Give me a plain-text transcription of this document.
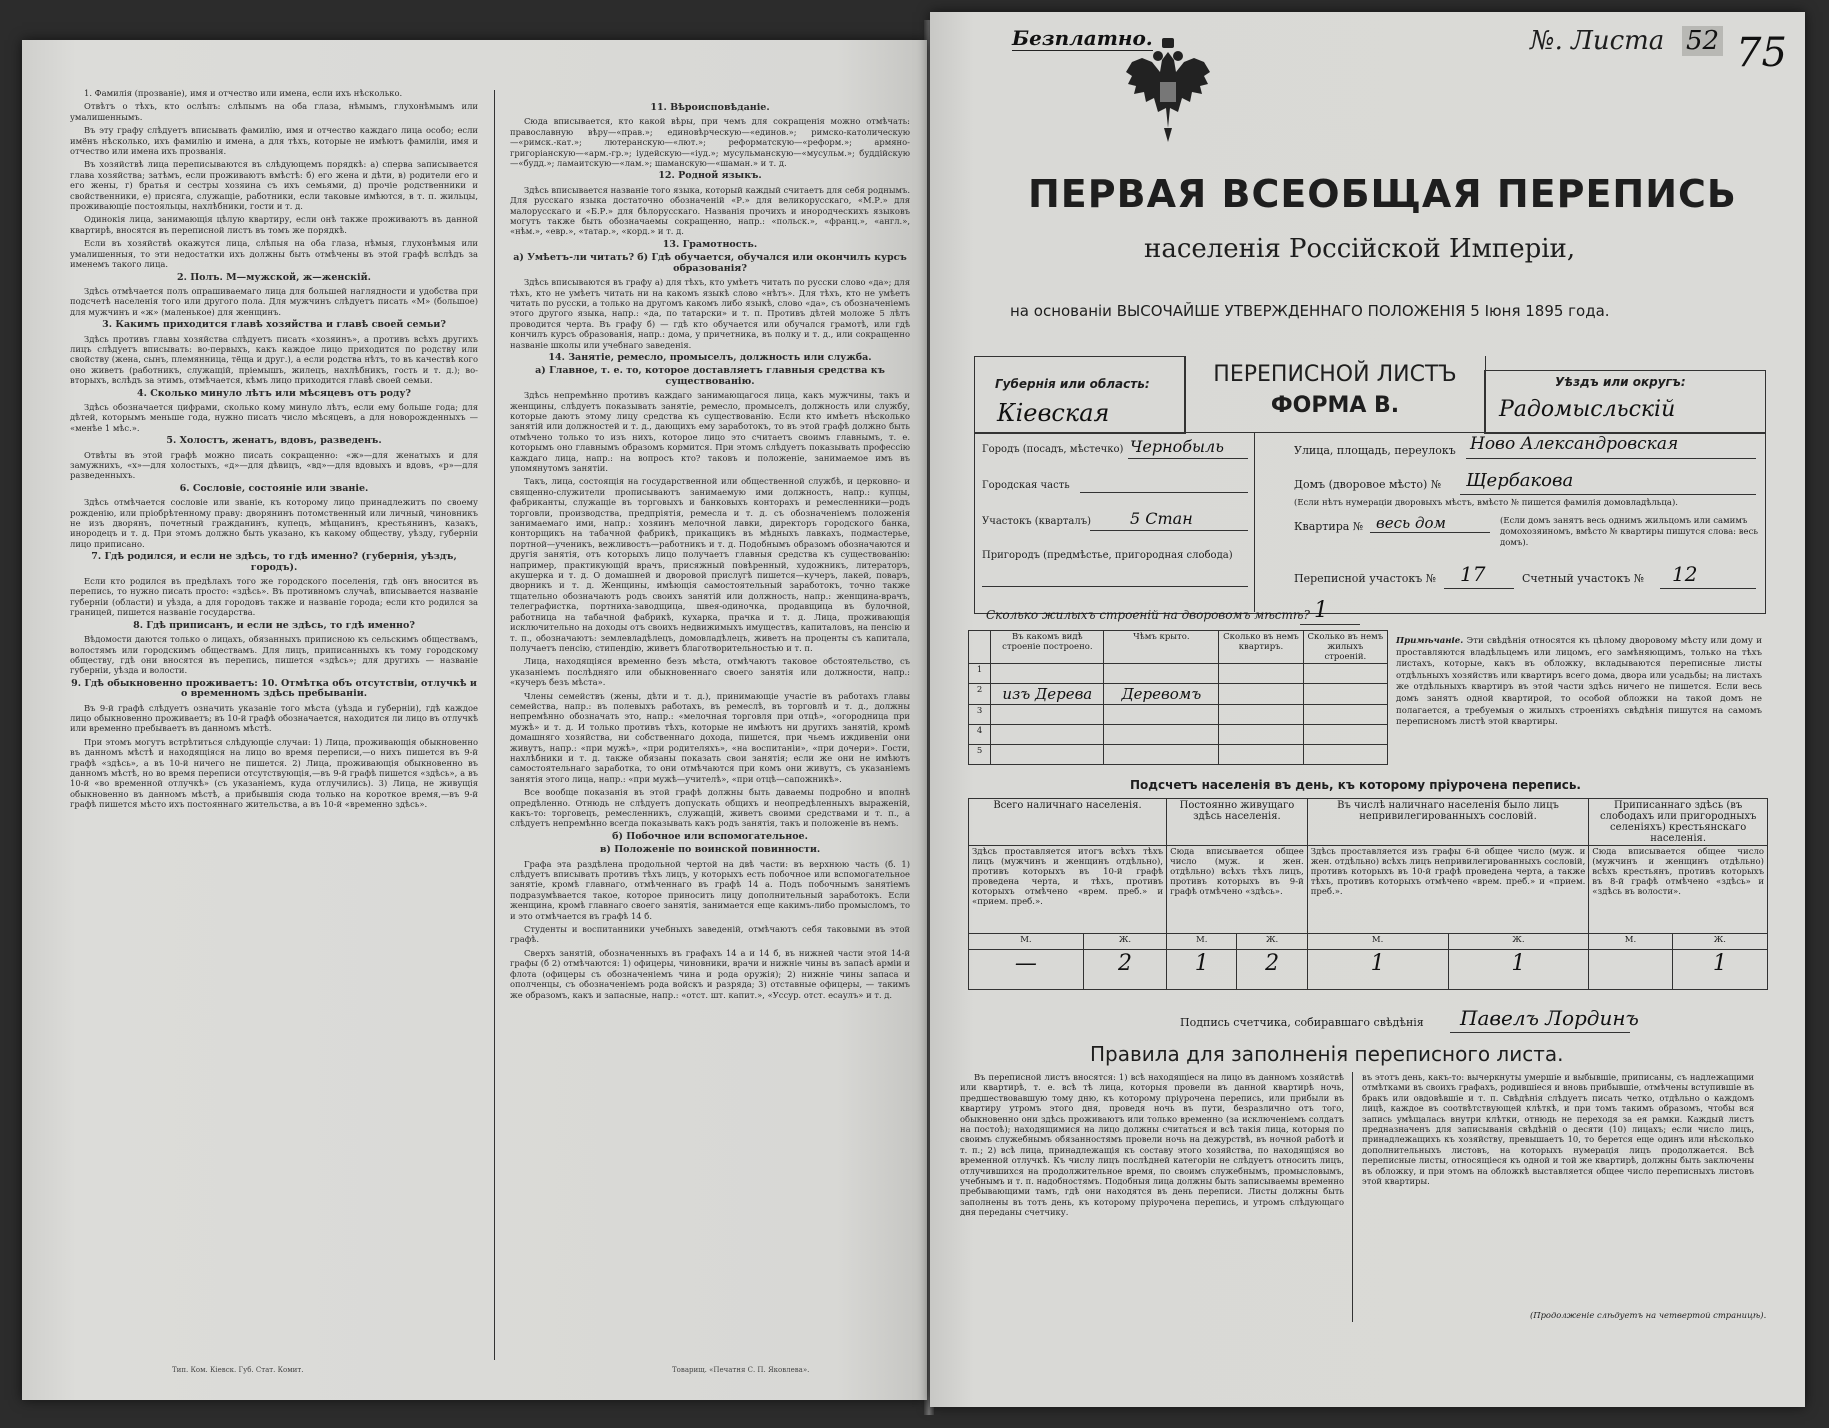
1. Фамилія (прозваніе), имя и отчество или имена, если ихъ нѣсколько.

Отвѣтъ о тѣхъ, кто ослѣпъ: слѣпымъ на оба глаза, нѣмымъ, глухонѣмымъ или умалишеннымъ.

Въ эту графу слѣдуетъ вписывать фамилію, имя и отчество каждаго лица особо; если имёнъ нѣсколько, ихъ фамилію и имена, а для тѣхъ, которые не имѣютъ фамиліи, имя и отчество или имена ихъ прозванія.

Въ хозяйствѣ лица переписываются въ слѣдующемъ порядкѣ: а) сперва записывается глава хозяйства; затѣмъ, если проживаютъ вмѣстѣ: б) его жена и дѣти, в) родители его и его жены, г) братья и сестры хозяина съ ихъ семьями, д) прочіе родственники и свойственники, е) присяга, служащіе, работники, если таковые имѣются, в т. п. жильцы, проживающіе постояльцы, нахлѣбники, гости и т. д.

Одинокія лица, занимающія цѣлую квартиру, если онѣ также проживаютъ въ данной квартирѣ, вносятся въ переписной листъ въ томъ же порядкѣ.

Если въ хозяйствѣ окажутся лица, слѣпыя на оба глаза, нѣмыя, глухонѣмыя или умалишенныя, то эти недостатки ихъ должны быть отмѣчены въ этой графѣ вслѣдъ за именемъ такого лица.

2. Полъ. М—мужской, ж—женскій.

Здѣсь отмѣчается полъ опрашиваемаго лица для большей наглядности и удобства при подсчетѣ населенія того или другого пола. Для мужчинъ слѣдуетъ писать «М» (большое) для мужчинъ и «ж» (маленькое) для женщинъ.

3. Какимъ приходится главѣ хозяйства и главѣ своей семьи?

Здѣсь противъ главы хозяйства слѣдуетъ писать «хозяинъ», а противъ всѣхъ другихъ лицъ слѣдуетъ вписывать: во-первыхъ, какъ каждое лицо приходится по родству или свойству (жена, сынъ, племянница, тёща и друг.), а если родства нѣтъ, то въ качествѣ кого оно живетъ (работникъ, служащій, пріемышъ, жилецъ, нахлѣбникъ, гость и т. д.); во-вторыхъ, вслѣдъ за этимъ, отмѣчается, кѣмъ лицо приходится главѣ своей семьи.

4. Сколько минуло лѣтъ или мѣсяцевъ отъ роду?

Здѣсь обозначается цифрами, сколько кому минуло лѣтъ, если ему больше года; для дѣтей, которымъ меньше года, нужно писать число мѣсяцевъ, а для новорожденныхъ — «менѣе 1 мѣс.».

5. Холостъ, женатъ, вдовъ, разведенъ.

Отвѣты въ этой графѣ можно писать сокращенно: «ж»—для женатыхъ и для замужнихъ, «х»—для холостыхъ, «д»—для дѣвицъ, «вд»—для вдовыхъ и вдовъ, «р»—для разведенныхъ.

6. Сословіе, состояніе или званіе.

Здѣсь отмѣчается сословіе или званіе, къ которому лицо принадлежитъ по своему рожденію, или пріобрѣтенному праву: дворянинъ потомственный или личный, чиновникъ не изъ дворянъ, почетный гражданинъ, купецъ, мѣщанинъ, крестьянинъ, казакъ, инородецъ и т. д. При этомъ должно быть указано, къ какому обществу, уѣзду, губерніи лицо приписано.

7. Гдѣ родился, и если не здѣсь, то гдѣ именно? (губернія, уѣздъ, городъ).

Если кто родился въ предѣлахъ того же городского поселенія, гдѣ онъ вносится въ перепись, то нужно писать просто: «здѣсь». Въ противномъ случаѣ, вписывается названіе губерніи (области) и уѣзда, а для городовъ также и названіе города; если кто родился за границей, пишется названіе государства.

8. Гдѣ приписанъ, и если не здѣсь, то гдѣ именно?

Вѣдомости даются только о лицахъ, обязанныхъ приписною къ сельскимъ обществамъ, волостямъ или городскимъ обществамъ. Для лицъ, приписанныхъ къ тому городскому обществу, гдѣ они вносятся въ перепись, пишется «здѣсь»; для другихъ — названіе губерніи, уѣзда и волости.

9. Гдѣ обыкновенно проживаетъ: 10. Отмѣтка объ отсутствіи, отлучкѣ и о временномъ здѣсь пребываніи.

Въ 9-й графѣ слѣдуетъ означить указаніе того мѣста (уѣзда и губерніи), гдѣ каждое лицо обыкновенно проживаетъ; въ 10-й графѣ обозначается, находится ли лицо въ отлучкѣ или временно пребываетъ въ данномъ мѣстѣ.

При этомъ могутъ встрѣтиться слѣдующіе случаи: 1) Лица, проживающія обыкновенно въ данномъ мѣстѣ и находящіяся на лицо во время переписи,—о нихъ пишется въ 9-й графѣ «здѣсь», а въ 10-й ничего не пишется. 2) Лица, проживающія обыкновенно въ данномъ мѣстѣ, но во время переписи отсутствующія,—въ 9-й графѣ пишется «здѣсь», а въ 10-й «во временной отлучкѣ» (съ указаніемъ, куда отлучились). 3) Лица, не живущія обыкновенно въ данномъ мѣстѣ, а прибывшія сюда только на короткое время,—въ 9-й графѣ пишется мѣсто ихъ постояннаго жительства, а въ 10-й «временно здѣсь».

11. Вѣроисповѣданіе.

Сюда вписывается, кто какой вѣры, при чемъ для сокращенія можно отмѣчать: православную вѣру—«прав.»; единовѣрческую—«единов.»; римско-католическую—«римск.-кат.»; лютеранскую—«лют.»; реформатскую—«реформ.»; армяно-григоріанскую—«арм.-гр.»; іудейскую—«іуд.»; мусульманскую—«мусульм.»; буддійскую—«будд.»; ламаитскую—«лам.»; шаманскую—«шаман.» и т. д.

12. Родной языкъ.

Здѣсь вписывается названіе того языка, который каждый считаетъ для себя роднымъ. Для русскаго языка достаточно обозначеній «Р.» для великорусскаго, «М.Р.» для малорусскаго и «Б.Р.» для бѣлорусскаго. Названія прочихъ и инородческихъ языковъ могутъ также быть обозначаемы сокращенно, напр.: «польск.», «франц.», «англ.», «нѣм.», «евр.», «татар.», «корд.» и т. д.

13. Грамотность.
а) Умѣетъ-ли читать? б) Гдѣ обучается, обучался или окончилъ курсъ образованія?

Здѣсь вписываются въ графу а) для тѣхъ, кто умѣетъ читать по русски слово «да»; для тѣхъ, кто не умѣетъ читать ни на какомъ языкѣ слово «нѣтъ». Для тѣхъ, кто не умѣетъ читать по русски, а только на другомъ какомъ либо языкѣ, слово «да», съ обозначеніемъ этого другого языка, напр.: «да, по татарски» и т. п. Противъ дѣтей моложе 5 лѣтъ проводится черта. Въ графу б) — гдѣ кто обучается или обучался грамотѣ, или гдѣ кончилъ курсъ образованія, напр.: дома, у причетника, въ полку и т. д., или сокращенно названіе школы или учебнаго заведенія.

14. Занятіе, ремесло, промыселъ, должность или служба.
а) Главное, т. е. то, которое доставляетъ главныя средства къ существованію.

Здѣсь непремѣнно противъ каждаго занимающагося лица, какъ мужчины, такъ и женщины, слѣдуетъ показывать занятіе, ремесло, промыселъ, должность или службу, которые даютъ этому лицу средства къ существованію. Если кто имѣетъ нѣсколько занятій или должностей и т. д., дающихъ ему заработокъ, то въ этой графѣ должно быть отмѣчено только то изъ нихъ, которое лицо это считаетъ своимъ главнымъ, т. е. которымъ оно главнымъ образомъ кормится. При этомъ слѣдуетъ показывать профессію каждаго лица, напр.: на вопросъ кто? таковъ и положеніе, занимаемое имъ въ упомянутомъ занятіи.

Такъ, лица, состоящія на государственной или общественной службѣ, и церковно- и священно-служители прописываютъ занимаемую ими должность, напр.: купцы, фабриканты, служащіе въ торговыхъ и банковыхъ конторахъ и ремесленники—родъ торговли, производства, предпріятія, ремесла и т. д. съ обозначеніемъ положенія занимаемаго ими, напр.: хозяинъ мелочной лавки, директоръ городского банка, конторщикъ на табачной фабрикѣ, прикащикъ въ мѣдныхъ лавкахъ, подмастерье, портной—ученикъ, вежливостъ—работникъ и т. д. Подобнымъ образомъ обозначаются и другія занятія, отъ которыхъ лицо получаетъ главныя средства къ существованію: например, практикующій врачъ, присяжный повѣренный, художникъ, литераторъ, акушерка и т. д. О домашней и дворовой прислугѣ пишется—кучеръ, лакей, поваръ, дворникъ и т. д. Женщины, имѣющія самостоятельный заработокъ, точно также тщательно обозначаютъ родъ своихъ занятій или должность, напр.: женщина-врачъ, телеграфистка, портниха-заводщица, швея-одиночка, продавщица въ булочной, работница на табачной фабрикѣ, кухарка, прачка и т. д. Лица, проживающія исключительно на доходы отъ своихъ недвижимыхъ имуществъ, капиталовъ, на пенсію и т. п., обозначаютъ: землевладѣлецъ, домовладѣлецъ, живетъ на проценты съ капитала, получаетъ пенсію, стипендію, живетъ благотворительностью и т. п.

Лица, находящіяся временно безъ мѣста, отмѣчаютъ таковое обстоятельство, съ указаніемъ послѣдняго или обыкновеннаго своего занятія или должности, напр.: «кучеръ безъ мѣста».

Члены семействъ (жены, дѣти и т. д.), принимающіе участіе въ работахъ главы семейства, напр.: въ полевыхъ работахъ, въ ремеслѣ, въ торговлѣ и т. д., должны непремѣнно обозначать это, напр.: «мелочная торговля при отцѣ», «огородница при мужѣ» и т. д. И только противъ тѣхъ, которые не имѣютъ ни другихъ занятій, кромѣ домашняго хозяйства, ни собственнаго дохода, пишется, при чьемъ иждивеніи они живутъ, напр.: «при мужѣ», «при родителяхъ», «на воспитаніи», «при дочери». Гости, нахлѣбники и т. д. также обязаны показать свои занятія; если же они не имѣютъ самостоятельнаго заработка, то они отмѣчаются при комъ они живутъ, съ указаніемъ занятія этого лица, напр.: «при мужѣ—учителѣ», «при отцѣ—сапожникѣ».

Все вообще показанія въ этой графѣ должны быть даваемы подробно и вполнѣ опредѣленно. Отнюдь не слѣдуетъ допускать общихъ и неопредѣленныхъ выраженій, какъ-то: торговецъ, ремесленникъ, служащій, живетъ своими средствами и т. п., а слѣдуетъ непремѣнно всегда показывать какъ родъ занятія, такъ и положеніе въ немъ.

б) Побочное или вспомогательное.
в) Положеніе по воинской повинности.

Графа эта раздѣлена продольной чертой на двѣ части: въ верхнюю часть (б. 1) слѣдуетъ вписывать противъ тѣхъ лицъ, у которыхъ есть побочное или вспомогательное занятіе, кромѣ главнаго, отмѣченнаго въ графѣ 14 а. Подъ побочнымъ занятіемъ подразумѣвается такое, которое приносить лицу дополнительный заработокъ. Если женщина, кромѣ главнаго своего занятія, занимается еще какимъ-либо промысломъ, то и это отмѣчается въ графѣ 14 б.

Студенты и воспитанники учебныхъ заведеній, отмѣчаютъ себя таковыми въ этой графѣ.

Сверхъ занятій, обозначенныхъ въ графахъ 14 а и 14 б, въ нижней части этой 14-й графы (б 2) отмѣчаются: 1) офицеры, чиновники, врачи и нижніе чины въ запасѣ арміи и флота (офицеры съ обозначеніемъ чина и рода оружія); 2) нижніе чины запаса и ополченцы, съ обозначеніемъ рода войскъ и разряда; 3) отставные офицеры, — такимъ же образомъ, какъ и запасные, напр.: «отст. шт. капит.», «Уссур. отст. есаулъ» и т. д.

Тип. Ком. Кіевск. Губ. Стат. Комит.	Товарищ. «Печатня С. П. Яковлева».
Безплатно.	№. Листа 52 75
ПЕРВАЯ ВСЕОБЩАЯ ПЕРЕПИСЬ
населенія Россійской Имперіи,
на основаніи ВЫСОЧАЙШЕ УТВЕРЖДЕННАГО ПОЛОЖЕНІЯ 5 Іюня 1895 года.
Губернія или область:
Кіевская
ПЕРЕПИСНОЙ ЛИСТЪ
ФОРМА В.
Уѣздъ или округъ:
Радомысльскій
Городъ (посадъ, мѣстечко) Чернобыль
Городская часть
Участокъ (кварталъ) 5 Стан
Пригородъ (предмѣстье, пригородная слобода)
Улица, площадь, переулокъ Ново Александровская
Домъ (дворовое мѣсто) № Щербакова
(Если нѣтъ нумераціи дворовыхъ мѣстъ, вмѣсто № пишется фамилія домовладѣльца).
Квартира № весь дом	(Если домъ занятъ весь однимъ жильцомъ или самимъ домохозяиномъ, вмѣсто № квартиры пишутся слова: весь домъ).
Переписной участокъ № 17	Счетный участокъ № 12
Сколько жилыхъ строеній на дворовомъ мѣстѣ? 1
	Въ какомъ видѣ строеніе построено.	Чѣмъ крыто.	Сколько въ немъ квартиръ.	Сколько въ немъ жилыхъ строеній.
1				
2	изъ Дерева	Деревомъ		
3				
4				
5				
Примѣчаніе. Эти свѣдѣнія относятся къ цѣлому дворовому мѣсту или дому и проставляются владѣльцемъ или лицомъ, его замѣняющимъ, только на тѣхъ листахъ, которые, какъ въ обложку, вкладываются переписные листы отдѣльныхъ хозяйствъ или квартиръ всего дома, двора или усадьбы; на листахъ же отдѣльныхъ квартиръ въ этой части здѣсь ничего не пишется. Если весь домъ занятъ одной квартирой, то особой обложки на такой домъ не полагается, а требуемыя о жилыхъ строеніяхъ свѣдѣнія пишутся на самомъ переписномъ листѣ этой квартиры.
Подсчетъ населенія въ день, къ которому пріурочена перепись.
Всего наличнаго населенія.		Постоянно живущаго здѣсь населенія.		Въ числѣ наличнаго населенія было лицъ непривилегированныхъ сословій.		Приписаннаго здѣсь (въ слободахъ или пригородныхъ селеніяхъ) крестьянскаго населенія.	
Здѣсь проставляется итогъ всѣхъ тѣхъ лицъ (мужчинъ и женщинъ отдѣльно), противъ которыхъ въ 10-й графѣ проведена черта, и тѣхъ, противъ которыхъ отмѣчено «врем. преб.» и «прием. преб.».		Сюда вписывается общее число (муж. и жен. отдѣльно) всѣхъ тѣхъ лицъ, противъ которыхъ въ 9-й графѣ отмѣчено «здѣсь».		Здѣсь проставляется изъ графы 6-й общее число (муж. и жен. отдѣльно) всѣхъ лицъ непривилегированныхъ сословій, противъ которыхъ въ 10-й графѣ проведена черта, а также тѣхъ, противъ которыхъ отмѣчено «врем. преб.» и «прием. преб.».		Сюда вписывается общее число (мужчинъ и женщинъ отдѣльно) всѣхъ крестьянъ, противъ которыхъ въ 8-й графѣ отмѣчено «здѣсь» и «здѣсь въ волости».	
М.	Ж.	М.	Ж.	М.	Ж.	М.	Ж.
—	2	1	2	1	1		1
Подпись счетчика, собиравшаго свѣдѣнія Павелъ Лординъ
Правила для заполненія переписного листа.
Въ переписной листъ вносятся: 1) всѣ находящіеся на лицо въ данномъ хозяйствѣ или квартирѣ, т. е. всѣ тѣ лица, которыя провели въ данной квартирѣ ночь, предшествовавшую тому дню, къ которому пріурочена перепись, или прибыли въ квартиру утромъ этого дня, проведя ночь въ пути, безразлично отъ того, обыкновенно они здѣсь проживаютъ или только временно (за исключеніемъ солдатъ на постоѣ); находящимися на лицо должны считаться и всѣ такія лица, которыя по своимъ служебнымъ обязанностямъ провели ночь на дежурствѣ, въ ночной работѣ и т. п.; 2) всѣ лица, принадлежащія къ составу этого хозяйства, по находящіяся во временной отлучкѣ. Къ числу лицъ послѣдней категоріи не слѣдуетъ относить лицъ, отлучившихся на продолжительное время, по своимъ служебнымъ, промысловымъ, учебнымъ и т. п. надобностямъ. Подобныя лица должны быть записываемы временно пребывающими тамъ, гдѣ они находятся въ день переписи. Листы должны быть заполнены въ тотъ день, къ которому пріурочена перепись, и утромъ слѣдующаго дня переданы счетчику.
въ этотъ день, какъ-то: вычеркнуты умершіе и выбывшіе, приписаны, съ надлежащими отмѣтками въ своихъ графахъ, родившіеся и вновь прибывшіе, отмѣчены вступившіе въ бракъ или овдовѣвшіе и т. п. Свѣдѣнія слѣдуетъ писать четко, отдѣльно о каждомъ лицѣ, каждое въ соотвѣтствующей клѣткѣ, и при томъ такимъ образомъ, чтобы вся запись умѣщалась внутри клѣтки, отнюдь не переходя за ея рамки. Каждый листъ предназначенъ для записыванія свѣдѣній о десяти (10) лицахъ; если число лицъ, принадлежащихъ къ хозяйству, превышаетъ 10, то берется еще одинъ или нѣсколько дополнительныхъ листовъ, на которыхъ нумерація лицъ продолжается. Всѣ переписные листы, относящіеся къ одной и той же квартирѣ, должны быть заключены въ обложку, и при этомъ на обложкѣ выставляется общее число переписныхъ листовъ этой квартиры.
(Продолженіе слѣдуетъ на четвертой страницѣ).
